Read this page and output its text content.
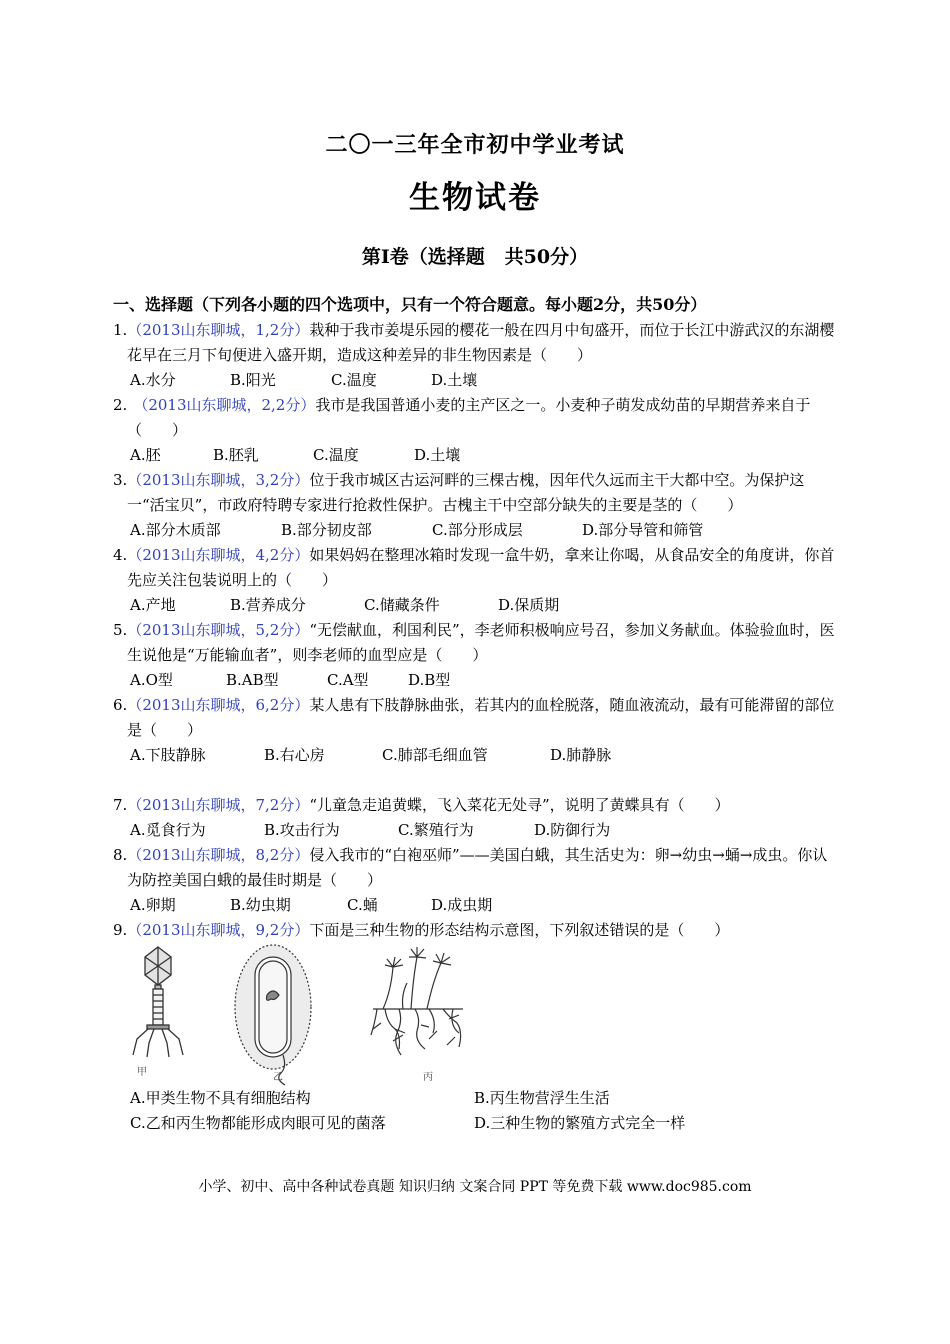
二〇一三年全市初中学业考试
生物试卷
第Ⅰ卷（选择题   共50分）
一、选择题（下列各小题的四个选项中，只有一个符合题意。每小题2分，共50分）
1.（2013山东聊城，1,2分）栽种于我市姜堤乐园的樱花一般在四月中旬盛开，而位于长江中游武汉的东湖樱花早在三月下旬便进入盛开期，造成这种差异的非生物因素是（　　）
A.水分	B.阳光	C.温度	D.土壤
2. （2013山东聊城，2,2分）我市是我国普通小麦的主产区之一。小麦种子萌发成幼苗的早期营养来自于（　　）
A.胚	B.胚乳	C.温度	D.土壤
3.（2013山东聊城，3,2分）位于我市城区古运河畔的三棵古槐，因年代久远而主干大都中空。为保护这一“活宝贝”，市政府特聘专家进行抢救性保护。古槐主干中空部分缺失的主要是茎的（　　）
A.部分木质部	B.部分韧皮部	C.部分形成层	D.部分导管和筛管
4.（2013山东聊城，4,2分）如果妈妈在整理冰箱时发现一盒牛奶，拿来让你喝，从食品安全的角度讲，你首先应关注包装说明上的（　　）
A.产地	B.营养成分	C.储藏条件	D.保质期
5.（2013山东聊城，5,2分）“无偿献血，利国利民”，李老师积极响应号召，参加义务献血。体验验血时，医生说他是“万能输血者”，则李老师的血型应是（　　）
A.O型	B.AB型	C.A型	D.B型
6.（2013山东聊城，6,2分）某人患有下肢静脉曲张，若其内的血栓脱落，随血液流动，最有可能滞留的部位是（　　）
A.下肢静脉	B.右心房	C.肺部毛细血管	D.肺静脉
7.（2013山东聊城，7,2分）“儿童急走追黄蝶，飞入菜花无处寻”，说明了黄蝶具有（　　）
A.觅食行为	B.攻击行为	C.繁殖行为	D.防御行为
8.（2013山东聊城，8,2分）侵入我市的“白袍巫师”——美国白蛾，其生活史为：卵→幼虫→蛹→成虫。你认为防控美国白蛾的最佳时期是（　　）
A.卵期	B.幼虫期	C.蛹	D.成虫期
9.（2013山东聊城，9,2分）下面是三种生物的形态结构示意图，下列叙述错误的是（　　）
甲	乙	丙
A.甲类生物不具有细胞结构	B.丙生物营浮生生活
C.乙和丙生物都能形成肉眼可见的菌落	D.三种生物的繁殖方式完全一样
小学、初中、高中各种试卷真题 知识归纳 文案合同 PPT 等免费下载 www.doc985.com
